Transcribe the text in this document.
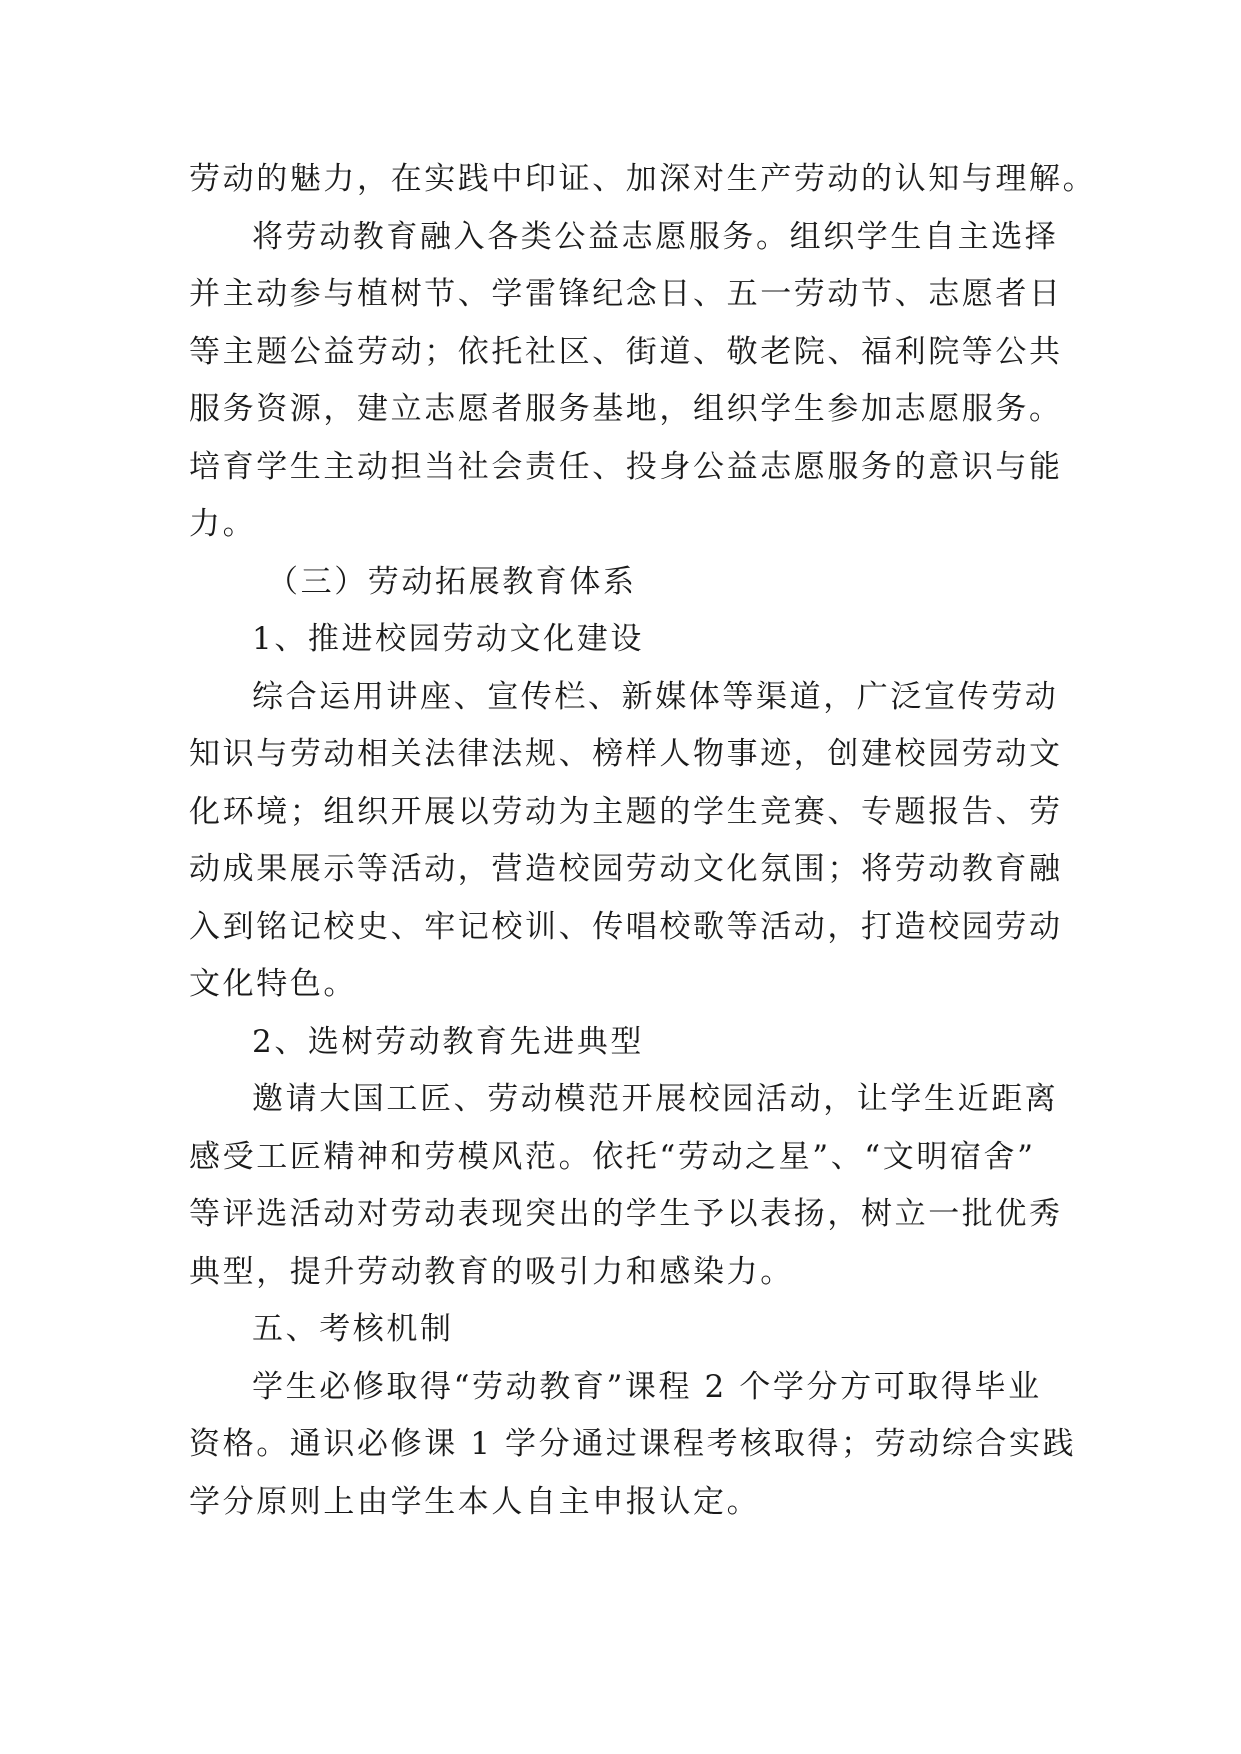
劳动的魅力，在实践中印证、加深对生产劳动的认知与理解。
将劳动教育融入各类公益志愿服务。组织学生自主选择
并主动参与植树节、学雷锋纪念日、五一劳动节、志愿者日
等主题公益劳动；依托社区、街道、敬老院、福利院等公共
服务资源，建立志愿者服务基地，组织学生参加志愿服务。
培育学生主动担当社会责任、投身公益志愿服务的意识与能
力。
（三）劳动拓展教育体系
1、推进校园劳动文化建设
综合运用讲座、宣传栏、新媒体等渠道，广泛宣传劳动
知识与劳动相关法律法规、榜样人物事迹，创建校园劳动文
化环境；组织开展以劳动为主题的学生竞赛、专题报告、劳
动成果展示等活动，营造校园劳动文化氛围；将劳动教育融
入到铭记校史、牢记校训、传唱校歌等活动，打造校园劳动
文化特色。
2、选树劳动教育先进典型
邀请大国工匠、劳动模范开展校园活动，让学生近距离
感受工匠精神和劳模风范。依托“劳动之星”、“文明宿舍”
等评选活动对劳动表现突出的学生予以表扬，树立一批优秀
典型，提升劳动教育的吸引力和感染力。
五、考核机制
学生必修取得“劳动教育”课程 2 个学分方可取得毕业
资格。通识必修课 1 学分通过课程考核取得；劳动综合实践
学分原则上由学生本人自主申报认定。
